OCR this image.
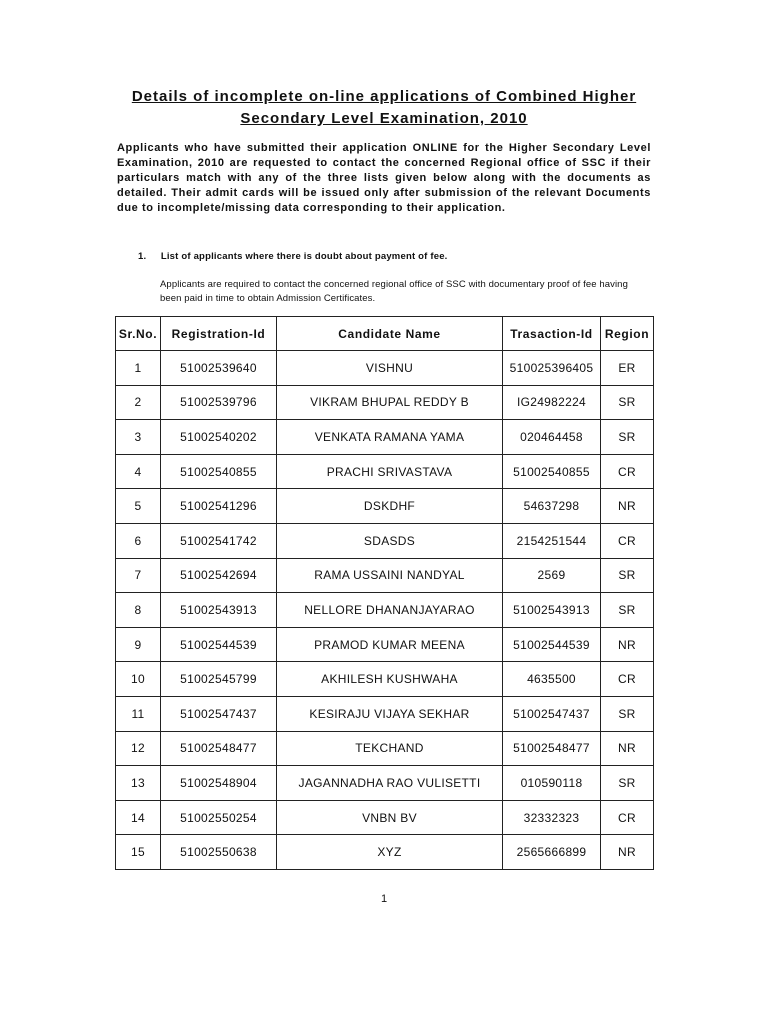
Details of incomplete on-line applications of Combined Higher
Secondary Level Examination, 2010
Applicants who have submitted their application ONLINE for the Higher Secondary Level Examination, 2010 are requested to contact the concerned Regional office of SSC if their particulars match with any of the three lists given below along with the documents as detailed. Their admit cards will be issued only after submission of the relevant Documents due to incomplete/missing data corresponding to their application.
1. List of applicants where there is doubt about payment of fee.
Applicants are required to contact the concerned regional office of SSC with documentary proof of fee having been paid in time to obtain Admission Certificates.
Sr.No.	Registration-Id	Candidate Name	Trasaction-Id	Region
1	51002539640	VISHNU	510025396405	ER
2	51002539796	VIKRAM BHUPAL REDDY B	IG24982224	SR
3	51002540202	VENKATA RAMANA YAMA	020464458	SR
4	51002540855	PRACHI SRIVASTAVA	51002540855	CR
5	51002541296	DSKDHF	54637298	NR
6	51002541742	SDASDS	2154251544	CR
7	51002542694	RAMA USSAINI NANDYAL	2569	SR
8	51002543913	NELLORE DHANANJAYARAO	51002543913	SR
9	51002544539	PRAMOD KUMAR MEENA	51002544539	NR
10	51002545799	AKHILESH KUSHWAHA	4635500	CR
11	51002547437	KESIRAJU VIJAYA SEKHAR	51002547437	SR
12	51002548477	TEKCHAND	51002548477	NR
13	51002548904	JAGANNADHA RAO VULISETTI	010590118	SR
14	51002550254	VNBN BV	32332323	CR
15	51002550638	XYZ	2565666899	NR
1
